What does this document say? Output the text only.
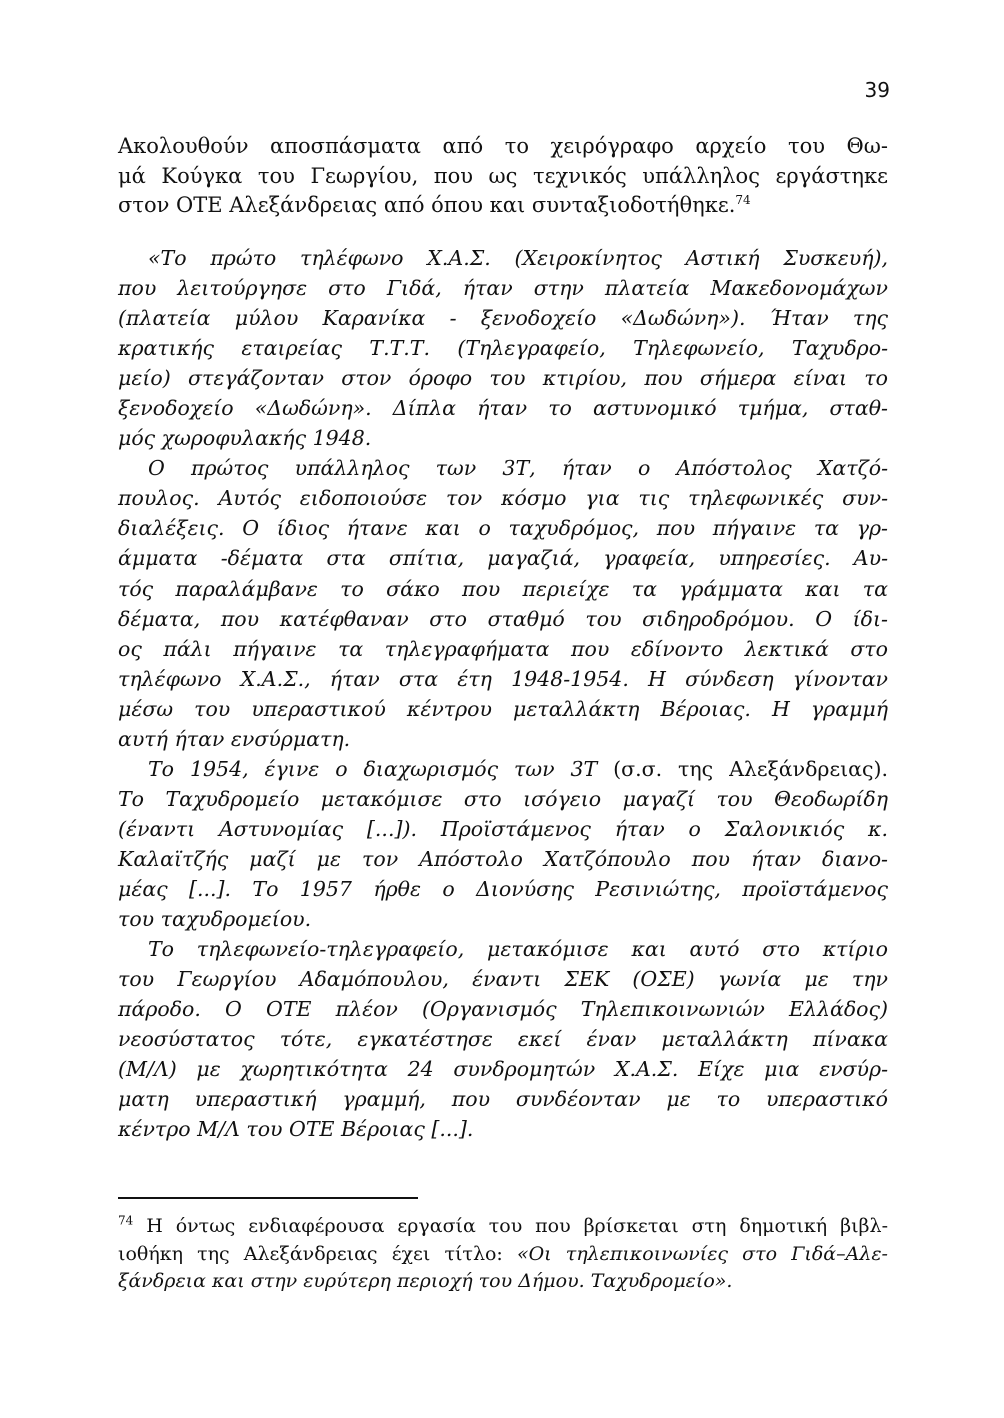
39
Ακολουθούν αποσπάσματα από το χειρόγραφο αρχείο του Θω-
μά Κούγκα του Γεωργίου, που ως τεχνικός υπάλληλος εργάστηκε
στον ΟΤΕ Αλεξάνδρειας από όπου και συνταξιοδοτήθηκε.$^{74}$
«Το πρώτο τηλέφωνο Χ.Α.Σ. (Χειροκίνητος Αστική Συσκευή),
που λειτούργησε στο Γιδά, ήταν στην πλατεία Μακεδονομάχων
(πλατεία μύλου Καρανίκα - ξενοδοχείο «Δωδώνη»). Ήταν της
κρατικής εταιρείας Τ.Τ.Τ. (Τηλεγραφείο, Τηλεφωνείο, Ταχυδρο-
μείο) στεγάζονταν στον όροφο του κτιρίου, που σήμερα είναι το
ξενοδοχείο «Δωδώνη». Δίπλα ήταν το αστυνομικό τμήμα, σταθ-
μός χωροφυλακής 1948.
Ο πρώτος υπάλληλος των 3Τ, ήταν ο Απόστολος Χατζό-
πουλος. Αυτός ειδοποιούσε τον κόσμο για τις τηλεφωνικές συν-
διαλέξεις. Ο ίδιος ήτανε και ο ταχυδρόμος, που πήγαινε τα γρ-
άμματα -δέματα στα σπίτια, μαγαζιά, γραφεία, υπηρεσίες. Αυ-
τός παραλάμβανε το σάκο που περιείχε τα γράμματα και τα
δέματα, που κατέφθαναν στο σταθμό του σιδηροδρόμου. Ο ίδι-
ος πάλι πήγαινε τα τηλεγραφήματα που εδίνοντο λεκτικά στο
τηλέφωνο Χ.Α.Σ., ήταν στα έτη 1948-1954. Η σύνδεση γίνονταν
μέσω του υπεραστικού κέντρου μεταλλάκτη Βέροιας. Η γραμμή
αυτή ήταν ενσύρματη.
Το 1954, έγινε ο διαχωρισμός των 3Τ (σ.σ. της Αλεξάνδρειας).
Το Ταχυδρομείο μετακόμισε στο ισόγειο μαγαζί του Θεοδωρίδη
(έναντι Αστυνομίας [...]). Προϊστάμενος ήταν ο Σαλονικιός κ.
Καλαϊτζής μαζί με τον Απόστολο Χατζόπουλο που ήταν διανο-
μέας [...]. Το 1957 ήρθε ο Διονύσης Ρεσινιώτης, προϊστάμενος
του ταχυδρομείου.
Το τηλεφωνείο-τηλεγραφείο, μετακόμισε και αυτό στο κτίριο
του Γεωργίου Αδαμόπουλου, έναντι ΣΕΚ (ΟΣΕ) γωνία με την
πάροδο. Ο ΟΤΕ πλέον (Οργανισμός Τηλεπικοινωνιών Ελλάδος)
νεοσύστατος τότε, εγκατέστησε εκεί έναν μεταλλάκτη πίνακα
(Μ/Λ) με χωρητικότητα 24 συνδρομητών Χ.Α.Σ. Είχε μια ενσύρ-
ματη υπεραστική γραμμή, που συνδέονταν με το υπεραστικό
κέντρο Μ/Λ του ΟΤΕ Βέροιας [...].
$^{74}$ Η όντως ενδιαφέρουσα εργασία του που βρίσκεται στη δημοτική βιβλ-
ιοθήκη της Αλεξάνδρειας έχει τίτλο: «Οι τηλεπικοινωνίες στο Γιδά–Αλε-
ξάνδρεια και στην ευρύτερη περιοχή του Δήμου. Ταχυδρομείο».
